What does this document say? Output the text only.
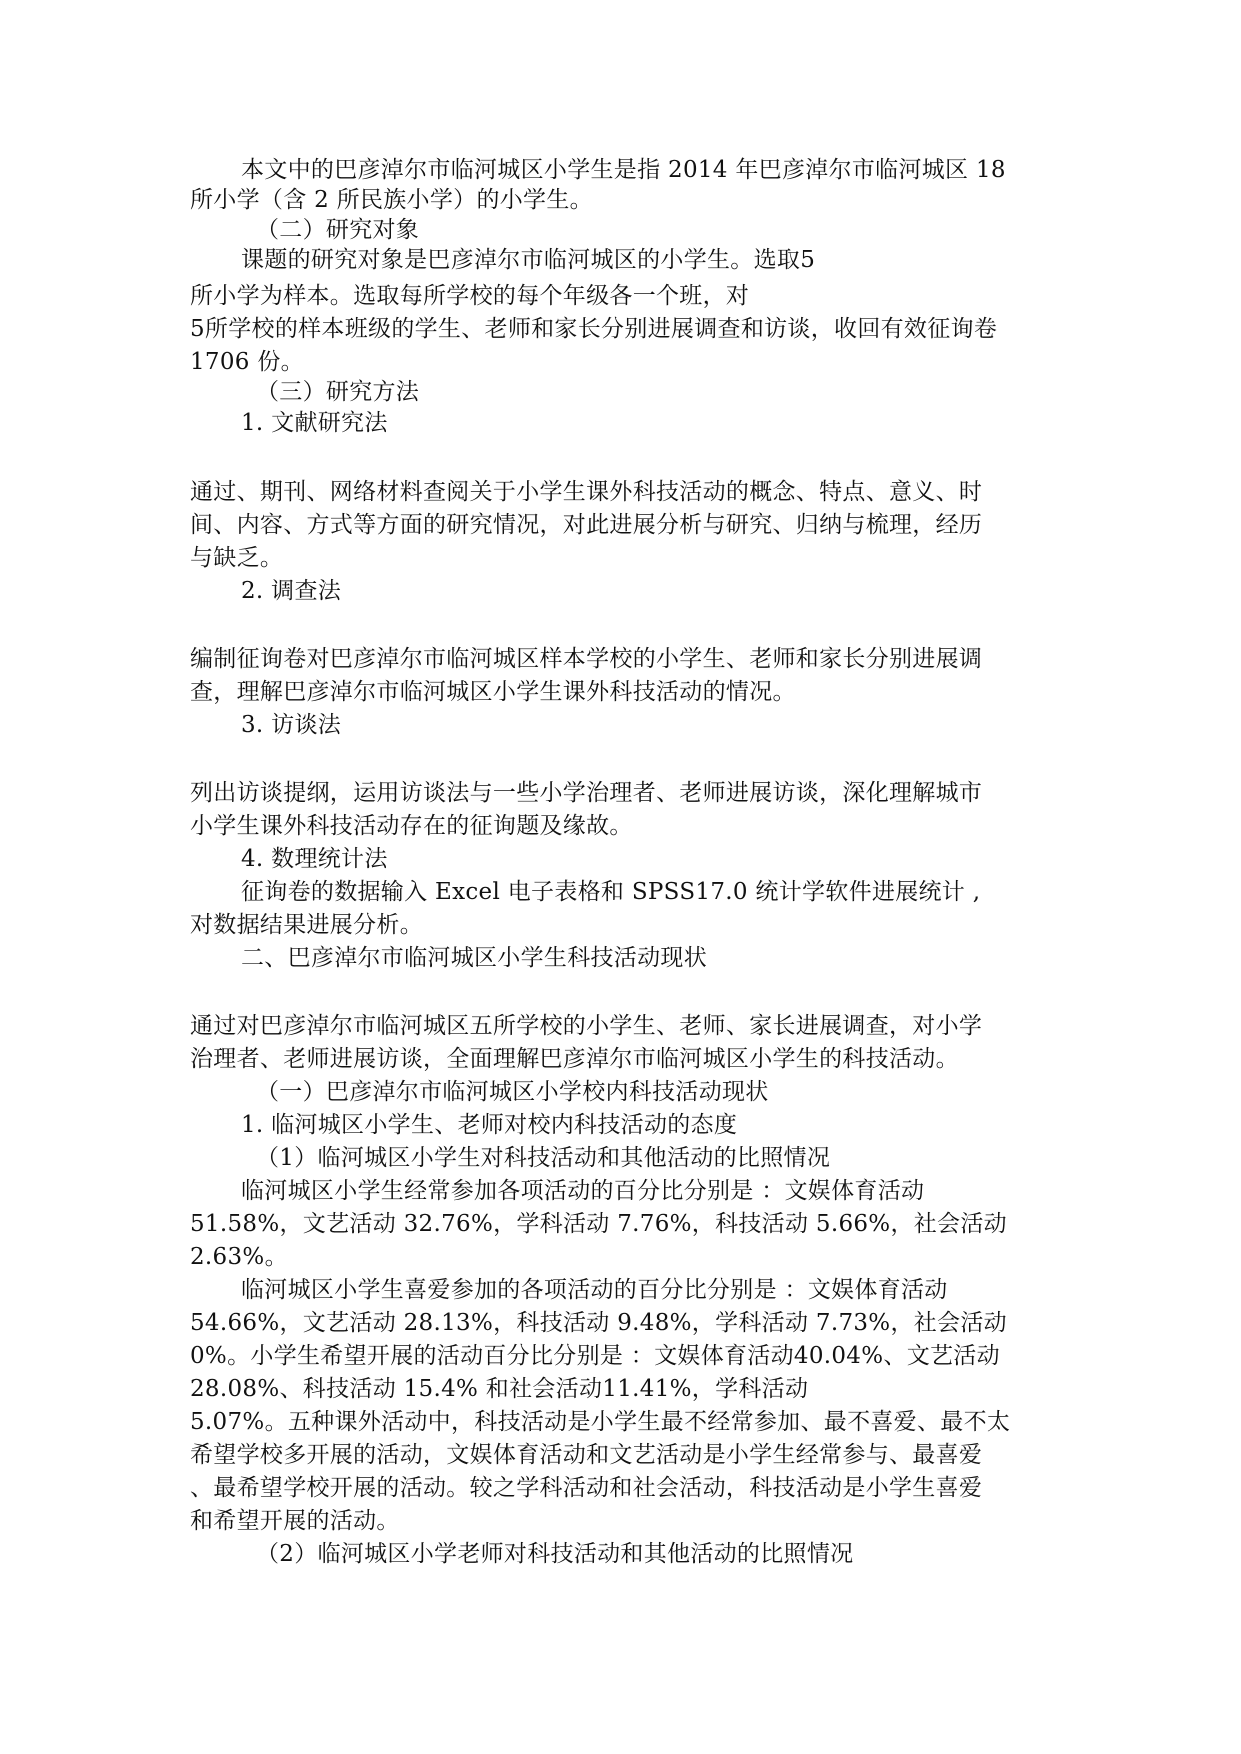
本文中的巴彦淖尔市临河城区小学生是指 2014 年巴彦淖尔市临河城区 18
所小学（含 2 所民族小学）的小学生。
（二）研究对象
课题的研究对象是巴彦淖尔市临河城区的小学生。选取5
所小学为样本。选取每所学校的每个年级各一个班，对
5所学校的样本班级的学生、老师和家长分别进展调查和访谈，收回有效征询卷
1706 份。
（三）研究方法
1. 文献研究法
通过、期刊、网络材料查阅关于小学生课外科技活动的概念、特点、意义、时
间、内容、方式等方面的研究情况，对此进展分析与研究、归纳与梳理，经历
与缺乏。
2. 调查法
编制征询卷对巴彦淖尔市临河城区样本学校的小学生、老师和家长分别进展调
查，理解巴彦淖尔市临河城区小学生课外科技活动的情况。
3. 访谈法
列出访谈提纲，运用访谈法与一些小学治理者、老师进展访谈，深化理解城市
小学生课外科技活动存在的征询题及缘故。
4. 数理统计法
征询卷的数据输入 Excel 电子表格和 SPSS17.0 统计学软件进展统计 ,
对数据结果进展分析。
二、巴彦淖尔市临河城区小学生科技活动现状
通过对巴彦淖尔市临河城区五所学校的小学生、老师、家长进展调查，对小学
治理者、老师进展访谈，全面理解巴彦淖尔市临河城区小学生的科技活动。
（一）巴彦淖尔市临河城区小学校内科技活动现状
1. 临河城区小学生、老师对校内科技活动的态度
（1）临河城区小学生对科技活动和其他活动的比照情况
临河城区小学生经常参加各项活动的百分比分别是 ：文娱体育活动
51.58%，文艺活动 32.76%，学科活动 7.76%，科技活动 5.66%，社会活动
2.63%。
临河城区小学生喜爱参加的各项活动的百分比分别是 ：文娱体育活动
54.66%，文艺活动 28.13%，科技活动 9.48%，学科活动 7.73%，社会活动
0%。小学生希望开展的活动百分比分别是 ：文娱体育活动40.04%、文艺活动
28.08%、科技活动 15.4% 和社会活动11.41%，学科活动
5.07%。五种课外活动中，科技活动是小学生最不经常参加、最不喜爱、最不太
希望学校多开展的活动，文娱体育活动和文艺活动是小学生经常参与、最喜爱
、最希望学校开展的活动。较之学科活动和社会活动，科技活动是小学生喜爱
和希望开展的活动。
（2）临河城区小学老师对科技活动和其他活动的比照情况
